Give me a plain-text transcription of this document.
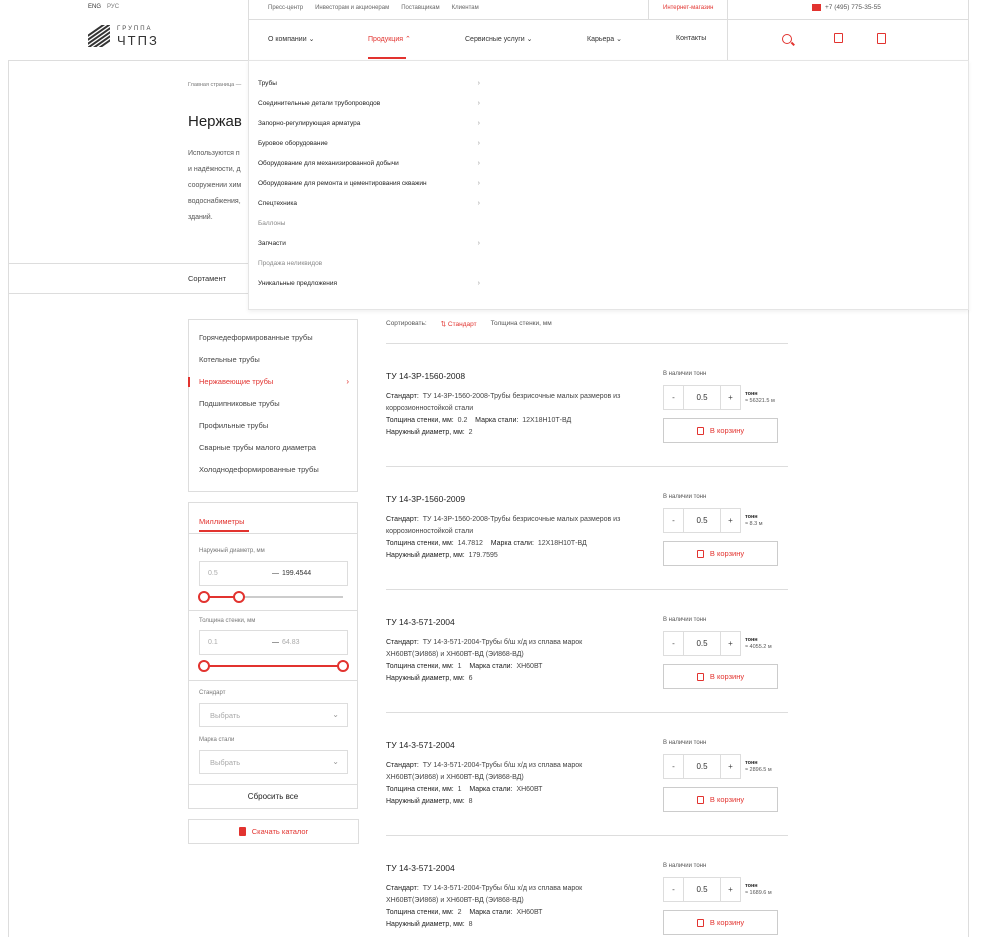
ENG РУС
ГРУППА
ЧТПЗ
Пресс-центр Инвесторам и акционерам Поставщикам Клиентам	Интернет-магазин	+7 (495) 775-35-55
О компании ⌄	Продукция ⌃	Сервисные услуги ⌄	Карьера ⌄	Контакты
Главная страница —
Нержав
Используются п
и надёжности, д
сооружении хим
водоснабжения,
зданий.
Сортамент
Трубы	›
Соединительные детали трубопроводов	›
Запорно-регулирующая арматура	›
Буровое оборудование	›
Оборудование для механизированной добычи	›
Оборудование для ремонта и цементирования скважин	›
Спецтехника	›
Баллоны
Запчасти	›
Продажа неликвидов
Уникальные предложения	›
Горячедеформированные трубы
Котельные трубы
Нержавеющие трубы	›
Подшипниковые трубы
Профильные трубы
Сварные трубы малого диаметра
Холоднодеформированные трубы
Миллиметры
Наружный диаметр, мм
0.5	— 199.4544
Толщина стенки, мм
0.1	— 64.83
Стандарт
Выбрать	⌄
Марка стали
Выбрать	⌄
Сбросить все
Скачать каталог
Сортировать: ⇅ Стандарт Толщина стенки, мм
ТУ 14-3Р-1560-2008
Стандарт: ТУ 14-3Р-1560-2008-Трубы безрисочные малых размеров из коррозионностойкой стали
Толщина стенки, мм: 0.2 Марка стали: 12Х18Н10Т-ВД
Наружный диаметр, мм: 2
В наличии тонн
-	0.5	+	тонн
≈ 56321.5 м
В корзину
ТУ 14-3Р-1560-2009
Стандарт: ТУ 14-3Р-1560-2008-Трубы безрисочные малых размеров из коррозионностойкой стали
Толщина стенки, мм: 14.7812 Марка стали: 12Х18Н10Т-ВД
Наружный диаметр, мм: 179.7595
В наличии тонн
-	0.5	+	тонн
≈ 8.3 м
В корзину
ТУ 14-3-571-2004
Стандарт: ТУ 14-3-571-2004-Трубы б/ш х/д из сплава марок ХН60ВТ(ЭИ868) и ХН60ВТ-ВД (ЭИ868-ВД)
Толщина стенки, мм: 1 Марка стали: ХН60ВТ
Наружный диаметр, мм: 6
В наличии тонн
-	0.5	+	тонн
≈ 4055.2 м
В корзину
ТУ 14-3-571-2004
Стандарт: ТУ 14-3-571-2004-Трубы б/ш х/д из сплава марок ХН60ВТ(ЭИ868) и ХН60ВТ-ВД (ЭИ868-ВД)
Толщина стенки, мм: 1 Марка стали: ХН60ВТ
Наружный диаметр, мм: 8
В наличии тонн
-	0.5	+	тонн
≈ 2896.5 м
В корзину
ТУ 14-3-571-2004
Стандарт: ТУ 14-3-571-2004-Трубы б/ш х/д из сплава марок ХН60ВТ(ЭИ868) и ХН60ВТ-ВД (ЭИ868-ВД)
Толщина стенки, мм: 2 Марка стали: ХН60ВТ
Наружный диаметр, мм: 8
В наличии тонн
-	0.5	+	тонн
≈ 1689.6 м
В корзину
